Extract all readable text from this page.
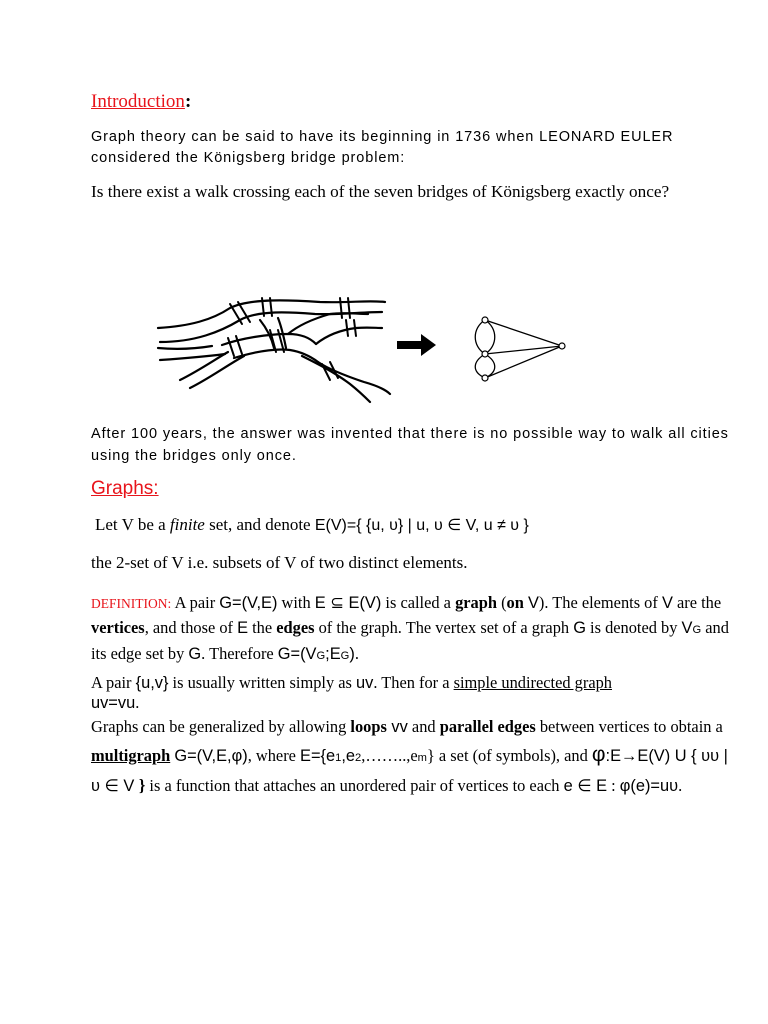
Introduction:
Graph theory can be said to have its beginning in 1736 when LEONARD EULER considered the Königsberg bridge problem:
Is there exist a walk crossing each of the seven bridges of Königsberg exactly once?
After 100 years, the answer was invented that there is no possible way to walk all cities using the bridges only once.
Graphs:
Let V be a finite set, and denote E(V)={ {u, υ} | u, υ ∈ V, u ≠ υ }
the 2-set of V i.e. subsets of V of two distinct elements.
DEFINITION: A pair G=(V,E) with E ⊆ E(V) is called a graph (on V). The elements of V are the vertices, and those of E the edges of the graph. The vertex set of a graph G is denoted by VG and its edge set by G. Therefore G=(VG;EG).
A pair {u,v} is usually written simply as uv. Then for a simple undirected graph
uv=vu.
Graphs can be generalized by allowing loops vv and parallel edges between vertices to obtain a multigraph G=(V,E,φ), where E={e1,e2,……..,em} a set (of symbols), and φ:E→E(V) U { υυ | υ ∈ V } is a function that attaches an unordered pair of vertices to each e ∈ E : φ(e)=uυ.
